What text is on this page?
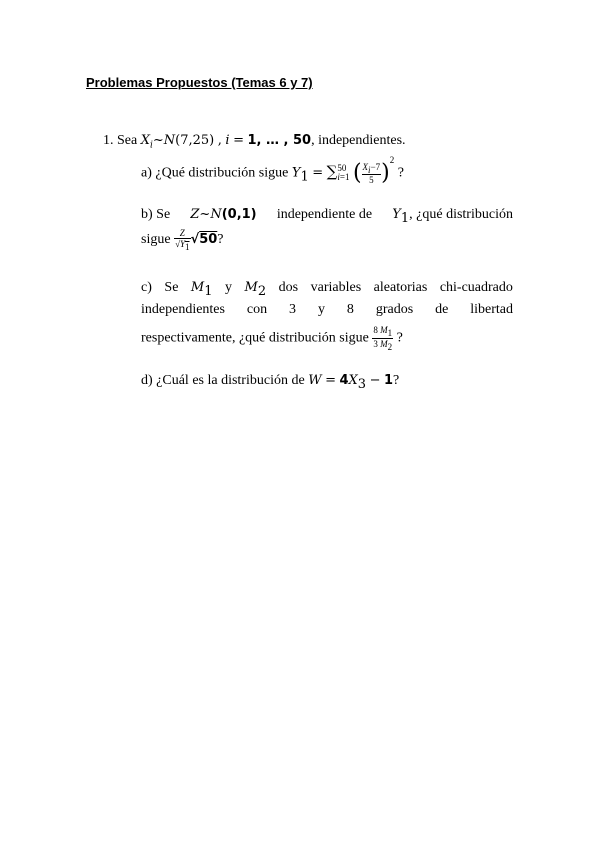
Problemas Propuestos (Temas 6 y 7)
1. Sea $X_i\sim N(7,25)$ , i = 1, … , 50, independientes.
a) ¿Qué distribución sigue $Y_1$ = ∑ 50
i=1 ( $\frac{X_i-7}{5} )^2$ ?
b) Se Z~N(0,1) independiente de $Y_1$, ¿qué distribución
sigue $\frac{Z}{√Y_1} √50$?
c) Se $M_1$ y $M_2$ dos variables aleatorias chi-cuadrado
independientes con 3 y 8 grados de libertad
respectivamente, ¿qué distribución sigue $\frac{8 M_1}{3 M_2}$ ?
d) ¿Cuál es la distribución de $W = 4X_3 - 1$?
